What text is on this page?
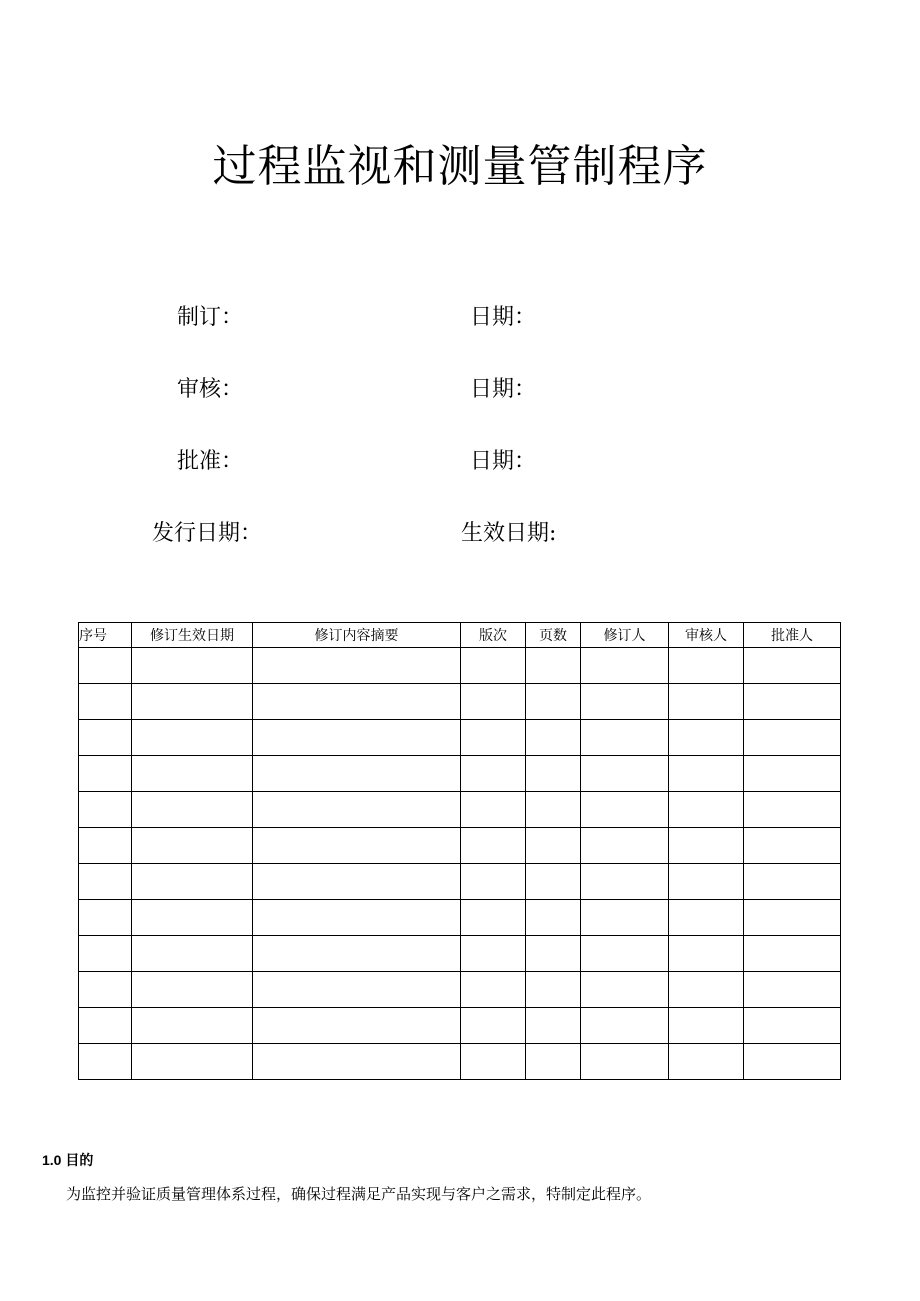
过程监视和测量管制程序
制订：	日期：
审核：	日期：
批准：	日期：
发行日期：	生效日期:
序号	修订生效日期	修订内容摘要	版次	页数	修订人	审核人	批准人

1.0 目的
为监控并验证质量管理体系过程，确保过程满足产品实现与客户之需求，特制定此程序。
